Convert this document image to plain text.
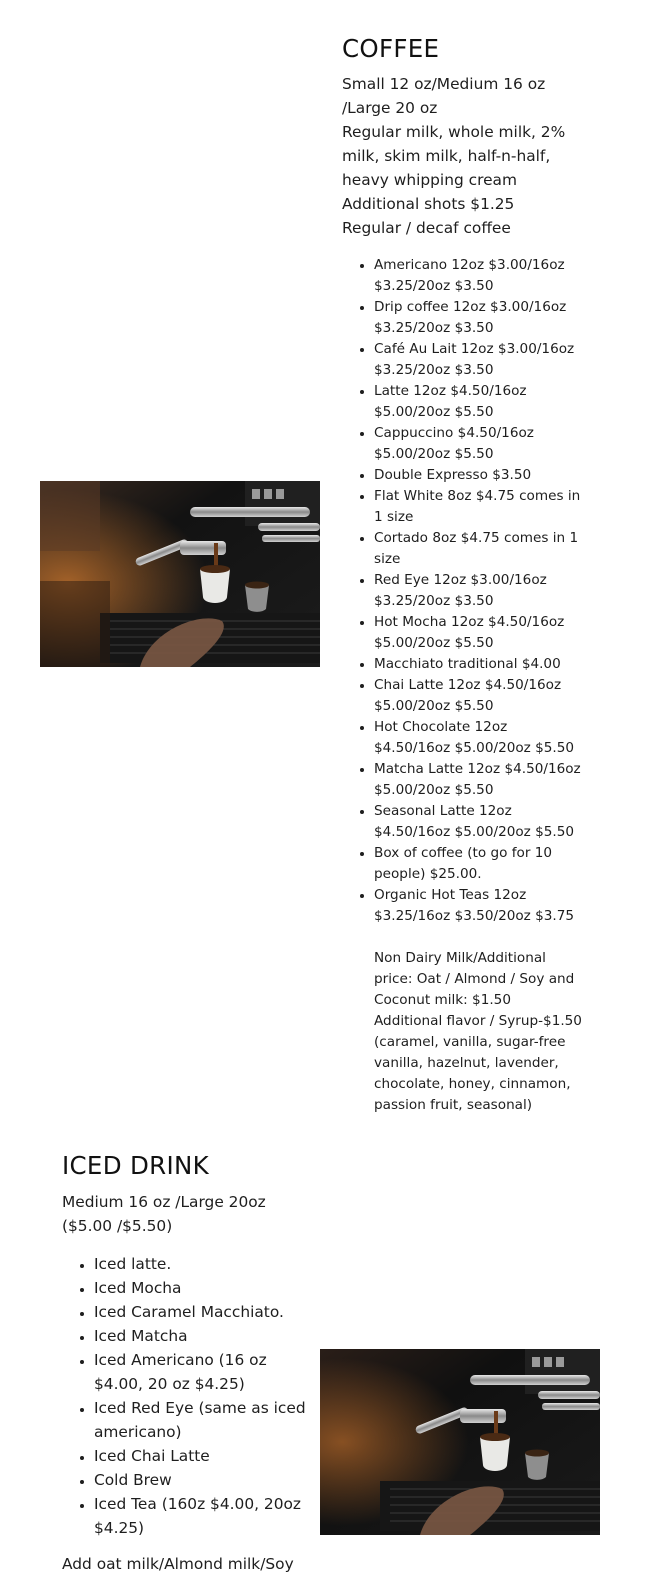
COFFEE

Small 12 oz/Medium 16 oz /Large 20 oz

Regular milk, whole milk, 2% milk, skim milk, half-n-half, heavy whipping cream

Additional shots $1.25

Regular / decaf coffee

• Americano 12oz $3.00/16oz $3.25/20oz $3.50
• Drip coffee 12oz $3.00/16oz $3.25/20oz $3.50
• Café Au Lait 12oz $3.00/16oz $3.25/20oz $3.50
• Latte 12oz $4.50/16oz $5.00/20oz $5.50
• Cappuccino $4.50/16oz $5.00/20oz $5.50
• Double Expresso $3.50
• Flat White 8oz $4.75 comes in 1 size
• Cortado 8oz $4.75 comes in 1 size
• Red Eye 12oz $3.00/16oz $3.25/20oz $3.50
• Hot Mocha 12oz $4.50/16oz $5.00/20oz $5.50
• Macchiato traditional $4.00
• Chai Latte 12oz $4.50/16oz $5.00/20oz $5.50
• Hot Chocolate 12oz $4.50/16oz $5.00/20oz $5.50
• Matcha Latte 12oz $4.50/16oz $5.00/20oz $5.50
• Seasonal Latte 12oz $4.50/16oz $5.00/20oz $5.50
• Box of coffee (to go for 10 people) $25.00.
• Organic Hot Teas 12oz $3.25/16oz $3.50/20oz $3.75

Non Dairy Milk/Additional price: Oat / Almond / Soy and Coconut milk: $1.50

Additional flavor / Syrup-$1.50 (caramel, vanilla, sugar-free vanilla, hazelnut, lavender, chocolate, honey, cinnamon, passion fruit, seasonal)

ICED DRINK

Medium 16 oz /Large 20oz ($5.00 /$5.50)

• Iced latte.
• Iced Mocha
• Iced Caramel Macchiato.
• Iced Matcha
• Iced Americano (16 oz $4.00, 20 oz $4.25)
• Iced Red Eye (same as iced americano)
• Iced Chai Latte
• Cold Brew
• Iced Tea (160z $4.00, 20oz $4.25)

Add oat milk/Almond milk/Soy
